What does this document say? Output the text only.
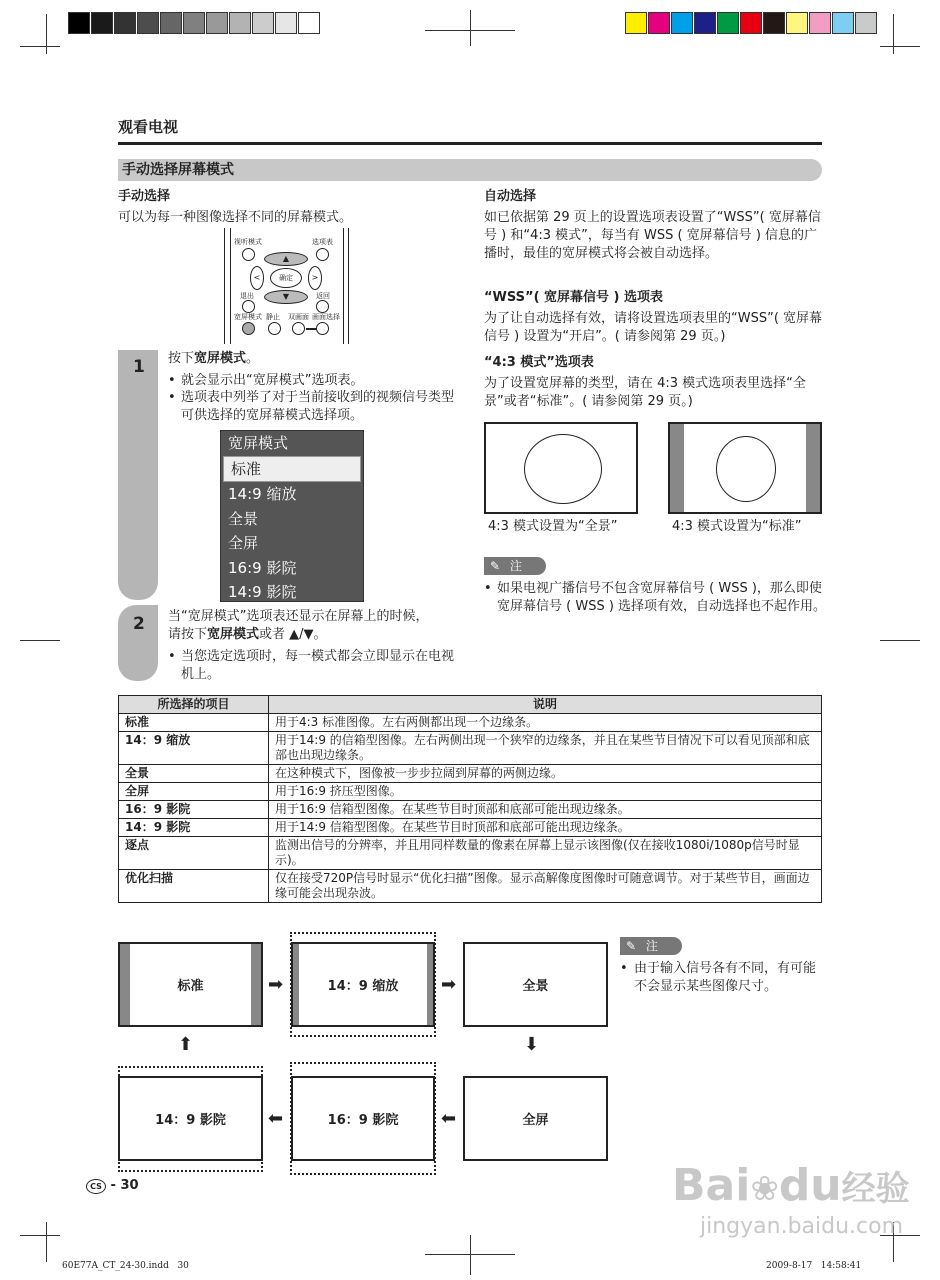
观看电视
手动选择屏幕模式
手动选择
可以为每一种图像选择不同的屏幕模式。
视听模式	选项表
▲
<	确定	>
▼
退出	返回
宽屏模式 静止 双画面 画面选择
1 按下宽屏模式。
• 就会显示出“宽屏模式”选项表。
• 选项表中列举了对于当前接收到的视频信号类型可供选择的宽屏幕模式选择项。
宽屏模式
标准
14:9 缩放
全景
全屏
16:9 影院
14:9 影院
2 当“宽屏模式”选项表还显示在屏幕上的时候，
请按下宽屏模式或者 ▲/▼。
• 当您选定选项时，每一模式都会立即显示在电视机上。
自动选择
如已依据第 29 页上的设置选项表设置了“WSS”( 宽屏幕信号 ) 和“4:3 模式”，每当有 WSS ( 宽屏幕信号 ) 信息的广播时，最佳的宽屏模式将会被自动选择。
“WSS”( 宽屏幕信号 ) 选项表
为了让自动选择有效，请将设置选项表里的“WSS”( 宽屏幕信号 ) 设置为“开启”。( 请参阅第 29 页。)
“4:3 模式”选项表
为了设置宽屏幕的类型，请在 4:3 模式选项表里选择“全景”或者“标准”。( 请参阅第 29 页。)
4:3 模式设置为“全景”	4:3 模式设置为“标准”
✎ 注
• 如果电视广播信号不包含宽屏幕信号 ( WSS )，那么即使宽屏幕信号 ( WSS ) 选择项有效，自动选择也不起作用。
所选择的项目	说明
标准	用于4:3 标准图像。左右两侧都出现一个边缘条。
14：9 缩放	用于14:9 的信箱型图像。左右两侧出现一个狭窄的边缘条，并且在某些节目情况下可以看见顶部和底部也出现边缘条。
全景	在这种模式下，图像被一步步拉阔到屏幕的两侧边缘。
全屏	用于16:9 挤压型图像。
16：9 影院	用于16:9 信箱型图像。在某些节目时顶部和底部可能出现边缘条。
14：9 影院	用于14:9 信箱型图像。在某些节目时顶部和底部可能出现边缘条。
逐点	监测出信号的分辨率，并且用同样数量的像素在屏幕上显示该图像(仅在接收1080i/1080p信号时显示)。
优化扫描	仅在接受720P信号时显示“优化扫描”图像。显示高解像度图像时可随意调节。对于某些节目，画面边缘可能会出现杂波。
标准	➡	14：9 缩放 ➡	全景
⬇
全屏
⬅
16：9 影院
⬅
14：9 影院
⬆
✎ 注
• 由于输入信号各有不同，有可能不会显示某些图像尺寸。
CS - 30	Bai❀du经验
jingyan.baidu.com
60E77A_CT_24-30.indd   30	2009-8-17   14:58:41
